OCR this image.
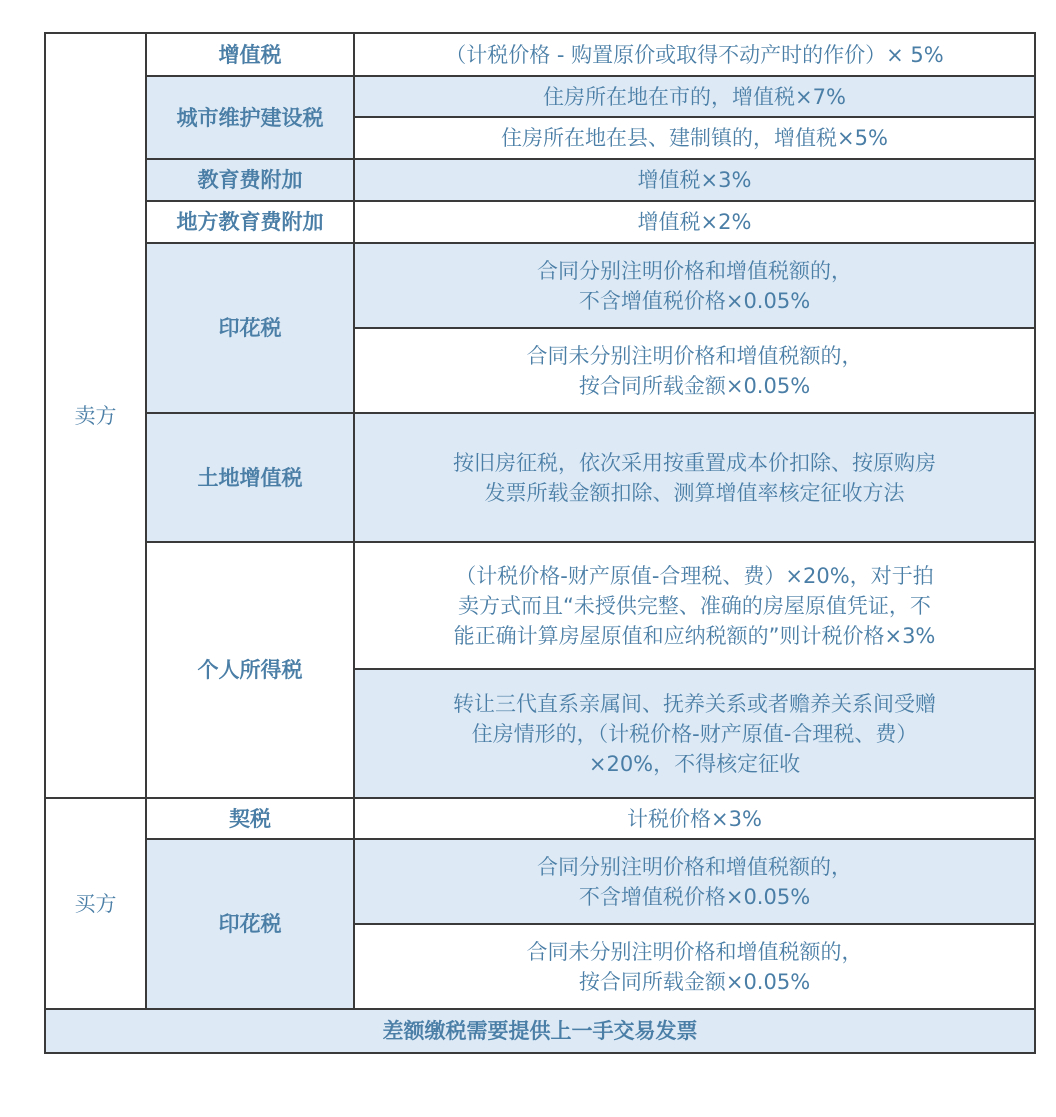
卖方	增值税	（计税价格 - 购置原价或取得不动产时的作价）× 5%
	城市维护建设税	住房所在地在市的，增值税×7%
		住房所在地在县、建制镇的，增值税×5%
	教育费附加	增值税×3%
	地方教育费附加	增值税×2%
	印花税	合同分别注明价格和增值税额的，
不含增值税价格×0.05%

		合同未分别注明价格和增值税额的，
按合同所载金额×0.05%

	土地增值税	按旧房征税，依次采用按重置成本价扣除、按原购房
发票所载金额扣除、测算增值率核定征收方法

	个人所得税	（计税价格-财产原值-合理税、费）×20%，对于拍
卖方式而且“未授供完整、准确的房屋原值凭证，不
能正确计算房屋原值和应纳税额的”则计税价格×3%

		转让三代直系亲属间、抚养关系或者赡养关系间受赠
住房情形的，（计税价格-财产原值-合理税、费）
×20%，不得核定征收

买方	契税	计税价格×3%
	印花税	合同分别注明价格和增值税额的，
不含增值税价格×0.05%

		合同未分别注明价格和增值税额的，
按合同所载金额×0.05%

差额缴税需要提供上一手交易发票		
